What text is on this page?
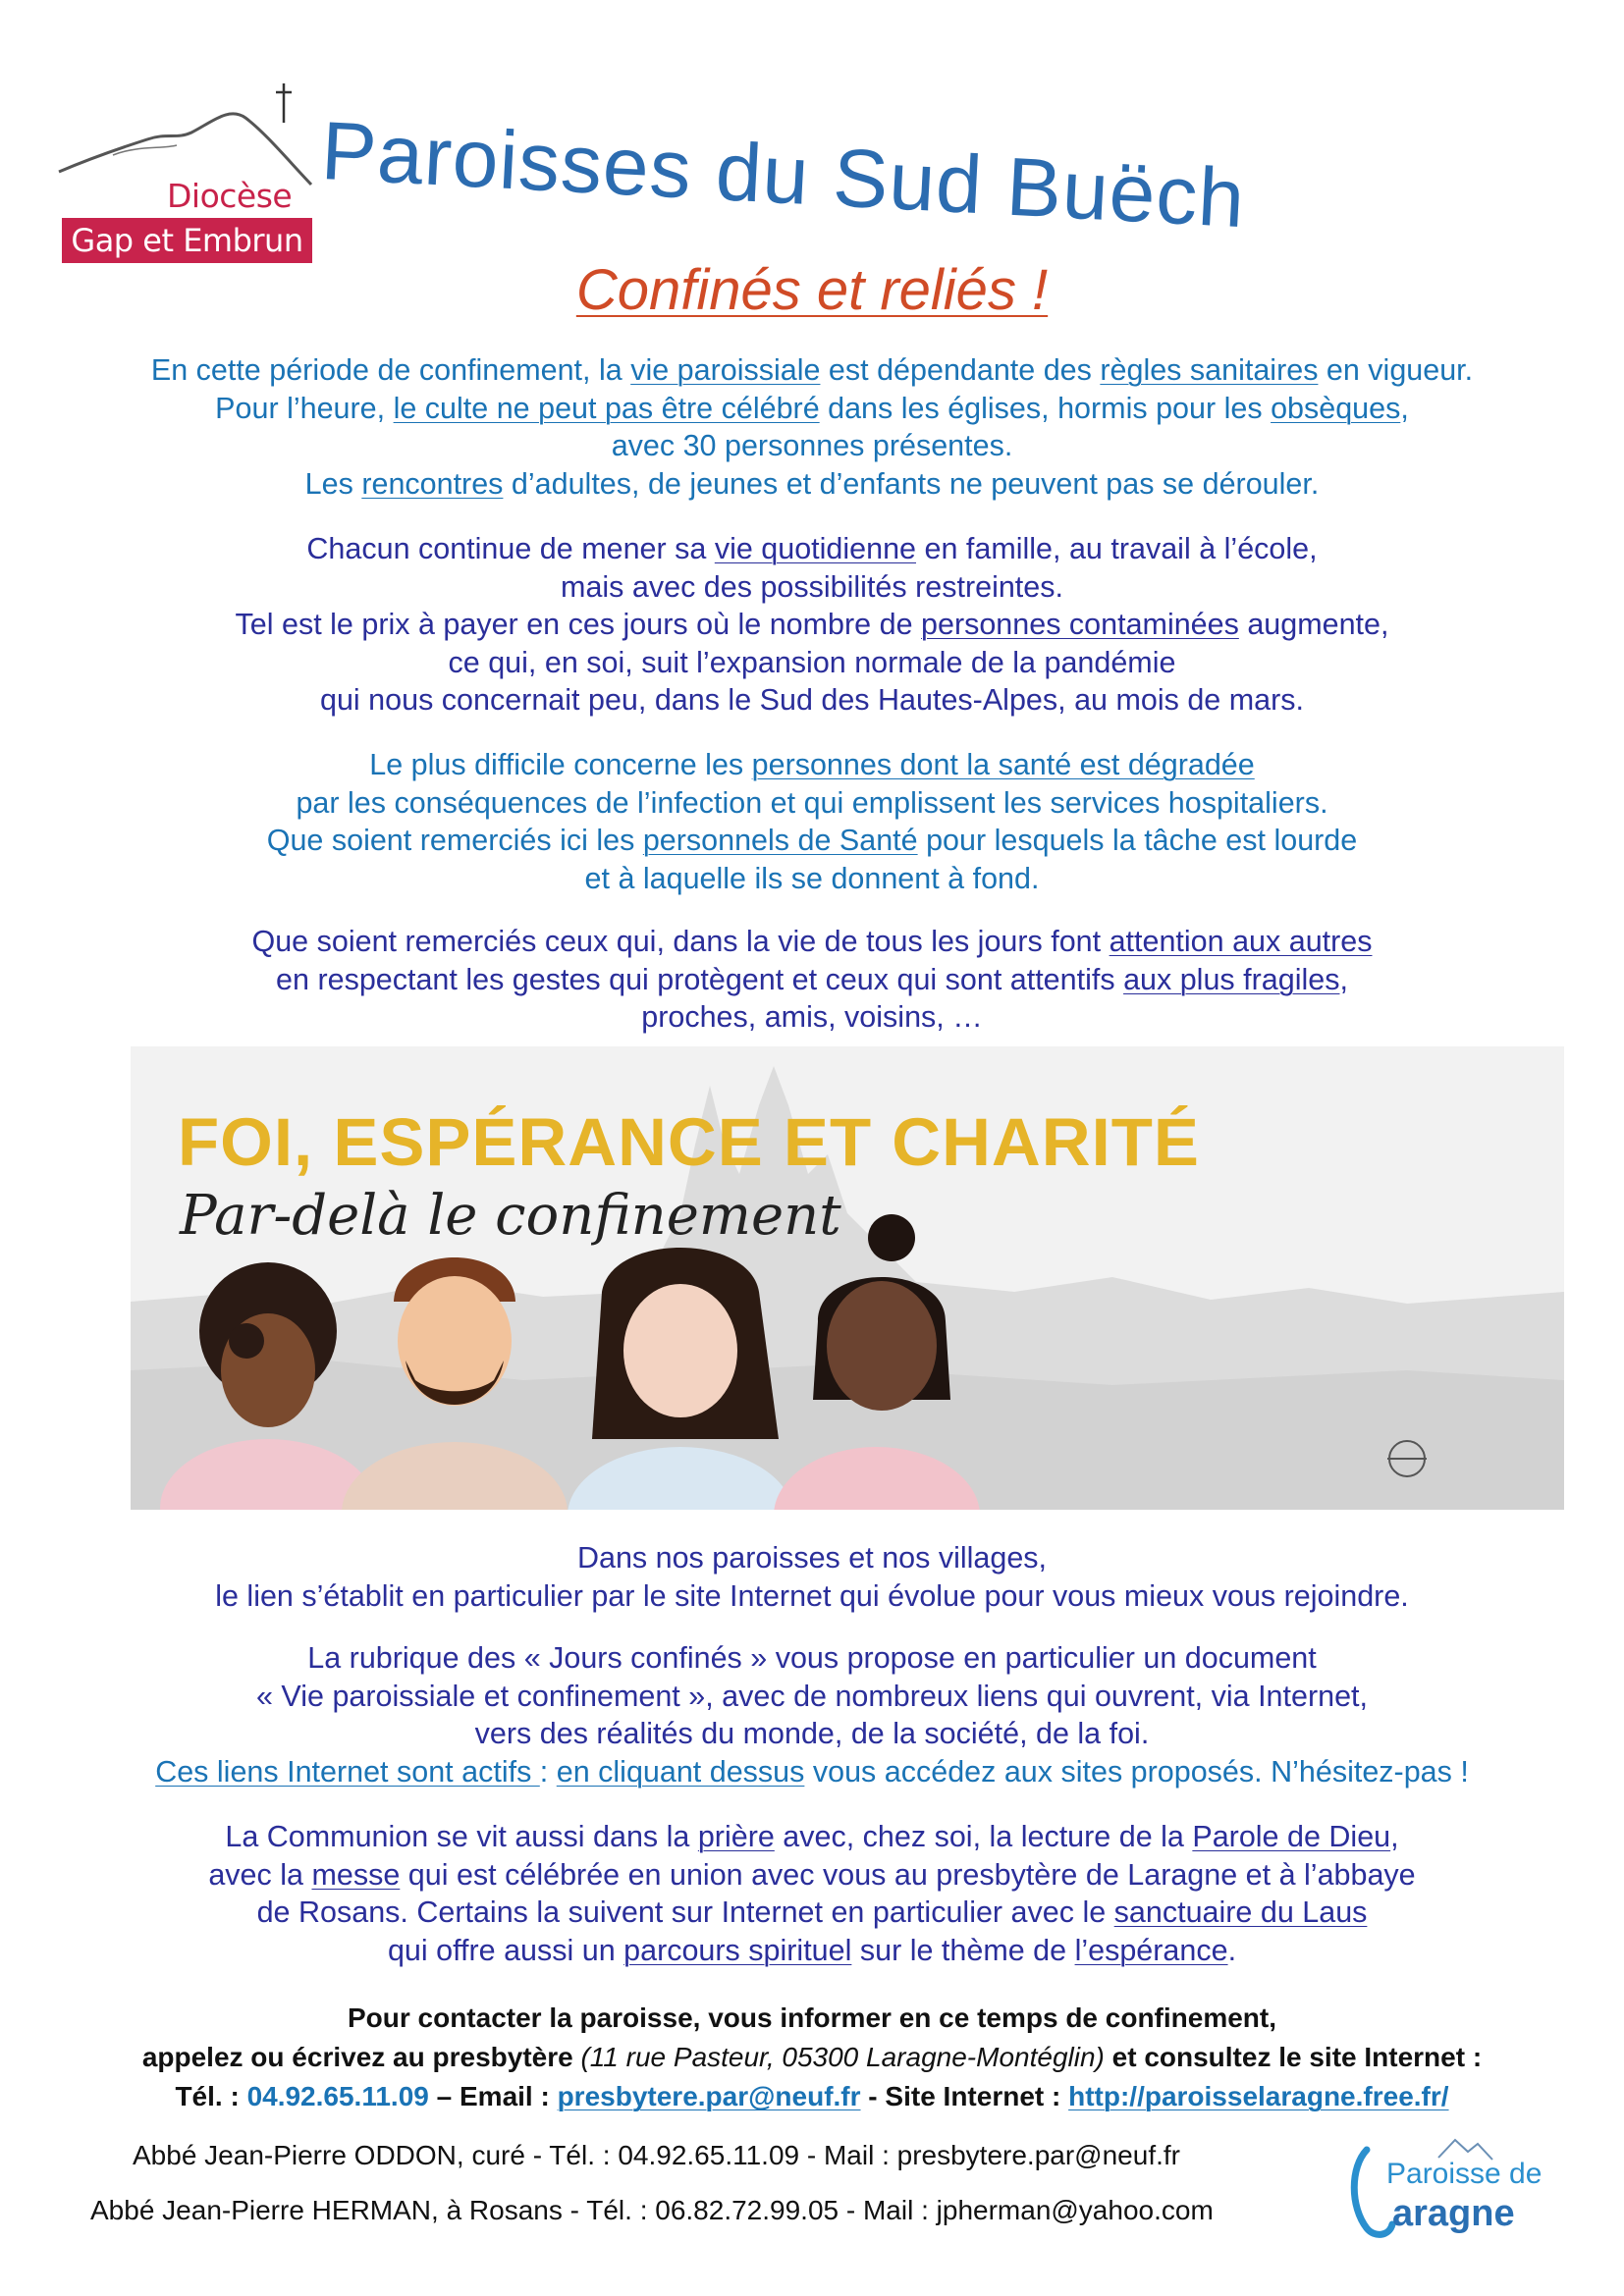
Diocèse
Gap et Embrun Paroisses du Sud Buëch
Confinés et reliés !
En cette période de confinement, la vie paroissiale est dépendante des règles sanitaires en vigueur.
Pour l’heure, le culte ne peut pas être célébré dans les églises, hormis pour les obsèques,
avec 30 personnes présentes.
Les rencontres d’adultes, de jeunes et d’enfants ne peuvent pas se dérouler.
Chacun continue de mener sa vie quotidienne en famille, au travail à l’école,
mais avec des possibilités restreintes.
Tel est le prix à payer en ces jours où le nombre de personnes contaminées augmente,
ce qui, en soi, suit l’expansion normale de la pandémie
qui nous concernait peu, dans le Sud des Hautes-Alpes, au mois de mars.
Le plus difficile concerne les personnes dont la santé est dégradée
par les conséquences de l’infection et qui emplissent les services hospitaliers.
Que soient remerciés ici les personnels de Santé pour lesquels la tâche est lourde
et à laquelle ils se donnent à fond.
Que soient remerciés ceux qui, dans la vie de tous les jours font attention aux autres
en respectant les gestes qui protègent et ceux qui sont attentifs aux plus fragiles,
proches, amis, voisins, …
FOI, ESPÉRANCE ET CHARITÉ
Par-delà le confinement
Dans nos paroisses et nos villages,
le lien s’établit en particulier par le site Internet qui évolue pour vous mieux vous rejoindre.
La rubrique des « Jours confinés » vous propose en particulier un document
« Vie paroissiale et confinement », avec de nombreux liens qui ouvrent, via Internet,
vers des réalités du monde, de la société, de la foi.
Ces liens Internet sont actifs : en cliquant dessus vous accédez aux sites proposés. N’hésitez-pas !
La Communion se vit aussi dans la prière avec, chez soi, la lecture de la Parole de Dieu,
avec la messe qui est célébrée en union avec vous au presbytère de Laragne et à l’abbaye
de Rosans. Certains la suivent sur Internet en particulier avec le sanctuaire du Laus
qui offre aussi un parcours spirituel sur le thème de l’espérance.
Pour contacter la paroisse, vous informer en ce temps de confinement,
appelez ou écrivez au presbytère (11 rue Pasteur, 05300 Laragne-Montéglin) et consultez le site Internet :
Tél. : 04.92.65.11.09 – Email : presbytere.par@neuf.fr - Site Internet : http://paroisselaragne.free.fr/
Abbé Jean-Pierre ODDON, curé - Tél. : 04.92.65.11.09 - Mail : presbytere.par@neuf.fr
Abbé Jean-Pierre HERMAN, à Rosans - Tél. : 06.82.72.99.05 - Mail : jpherman@yahoo.com
Paroisse de
aragne
